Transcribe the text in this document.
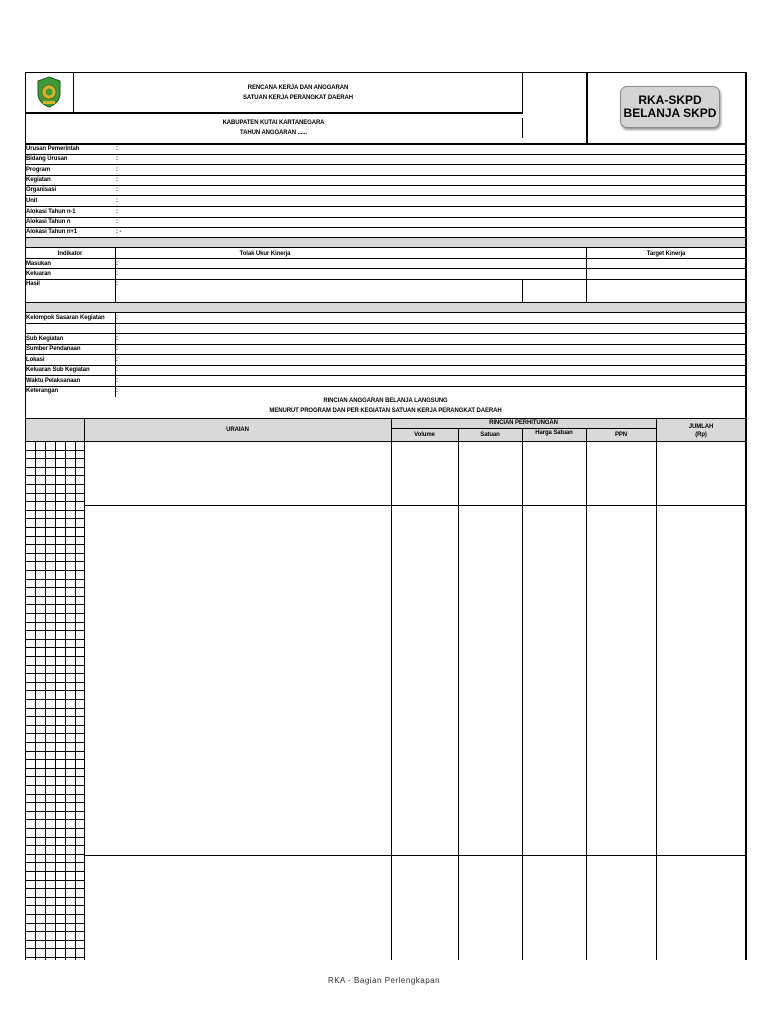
RENCANA KERJA DAN ANGGARAN
SATUAN KERJA PERANGKAT DAERAH
KABUPATEN KUTAI KARTANEGARA
TAHUN ANGGARAN ......
RKA-SKPD
BELANJA SKPD
Urusan Pemerintah	:
Bidang Urusan	:
Program	:
Kegiatan	:
Organisasi	:
Unit	:
Alokasi Tahun n-1	:
Alokasi Tahun n	:
Alokasi Tahun n+1	: -
Indikator	Tolak Ukur Kinerja	Target Kinerja
Masukan	:
Keluaran	:
Hasil	:
Kelompok Sasaran Kegiatan :
Sub Kegiatan	:
Sumber Pendanaan	:
Lokasi	:
Keluaran Sub Kegiatan	:
Waktu Pelaksanaan	:
Keterangan	:
RINCIAN ANGGARAN BELANJA LANGSUNG
MENURUT PROGRAM DAN PER KEGIATAN SATUAN KERJA PERANGKAT DAERAH
URAIAN
RINCIAN PERHITUNGAN
Volume	Satuan	Harga Satuan	PPN
JUMLAH
(Rp)
RKA - Bagian Perlengkapan
